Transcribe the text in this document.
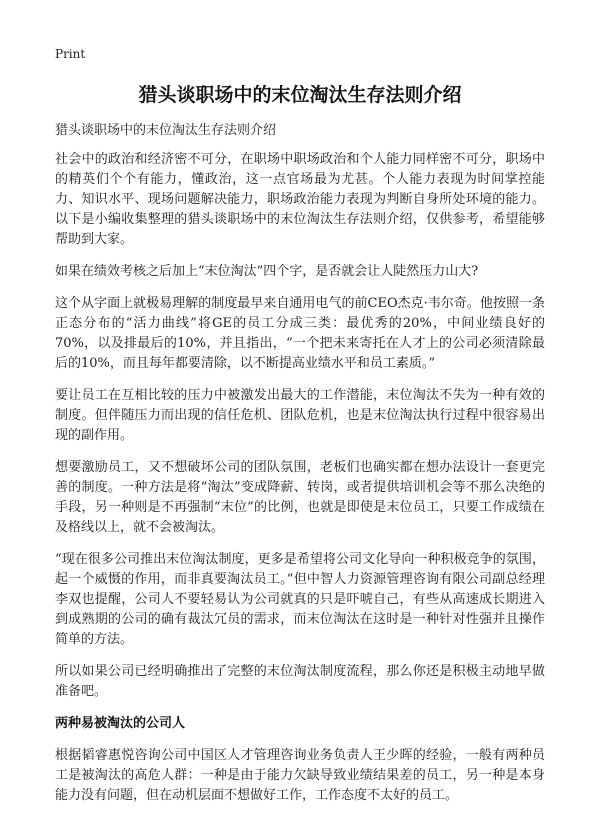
Print
猎头谈职场中的末位淘汰生存法则介绍
猎头谈职场中的末位淘汰生存法则介绍

社会中的政治和经济密不可分，在职场中职场政治和个人能力同样密不可分，职场中的精英们个个有能力，懂政治，这一点官场最为尤甚。个人能力表现为时间掌控能力、知识水平、现场问题解决能力，职场政治能力表现为判断自身所处环境的能力。以下是小编收集整理的猎头谈职场中的末位淘汰生存法则介绍，仅供参考，希望能够帮助到大家。

如果在绩效考核之后加上“末位淘汰”四个字，是否就会让人陡然压力山大?

这个从字面上就极易理解的制度最早来自通用电气的前CEO杰克·韦尔奇。他按照一条正态分布的“活力曲线”将GE的员工分成三类：最优秀的20%，中间业绩良好的70%，以及排最后的10%，并且指出，“一个把未来寄托在人才上的公司必须清除最后的10%，而且每年都要清除，以不断提高业绩水平和员工素质。”

要让员工在互相比较的压力中被激发出最大的工作潜能，末位淘汰不失为一种有效的制度。但伴随压力而出现的信任危机、团队危机，也是末位淘汰执行过程中很容易出现的副作用。

想要激励员工，又不想破坏公司的团队氛围，老板们也确实都在想办法设计一套更完善的制度。一种方法是将“淘汰”变成降薪、转岗，或者提供培训机会等不那么决绝的手段，另一种则是不再强制“末位”的比例，也就是即使是末位员工，只要工作成绩在及格线以上，就不会被淘汰。

“现在很多公司推出末位淘汰制度，更多是希望将公司文化导向一种积极竞争的氛围，起一个威慑的作用，而非真要淘汰员工。”但中智人力资源管理咨询有限公司副总经理李双也提醒，公司人不要轻易认为公司就真的只是吓唬自己，有些从高速成长期进入到成熟期的公司的确有裁汰冗员的需求，而末位淘汰在这时是一种针对性强并且操作简单的方法。

所以如果公司已经明确推出了完整的末位淘汰制度流程，那么你还是积极主动地早做准备吧。

两种易被淘汰的公司人

根据韬睿惠悦咨询公司中国区人才管理咨询业务负责人王少晖的经验，一般有两种员工是被淘汰的高危人群：一种是由于能力欠缺导致业绩结果差的员工，另一种是本身能力没有问题，但在动机层面不想做好工作，工作态度不太好的员工。
